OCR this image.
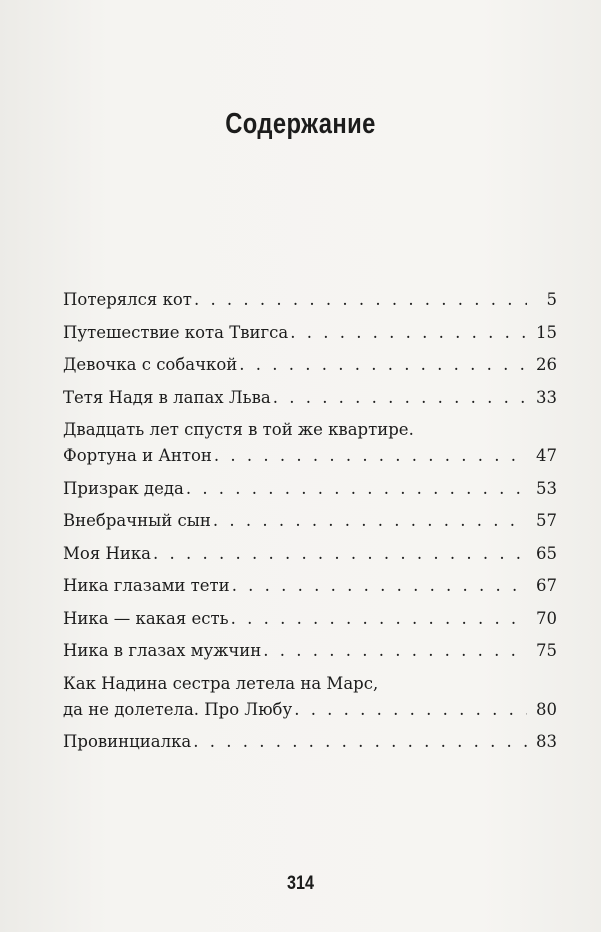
Содержание
Потерялся кот . . .	5
Путешествие кота Твигса . . .	15
Девочка с собачкой . . .	26
Тетя Надя в лапах Льва . . .	33
Двадцать лет спустя в той же квартире.
Фортуна и Антон . . .	47
Призрак деда . . .	53
Внебрачный сын . . .	57
Моя Ника . . .	65
Ника глазами тети . . .	67
Ника — какая есть . . .	70
Ника в глазах мужчин . . .	75
Как Надина сестра летела на Марс,
да не долетела. Про Любу . . .	80
Провинциалка . . .	83
314
